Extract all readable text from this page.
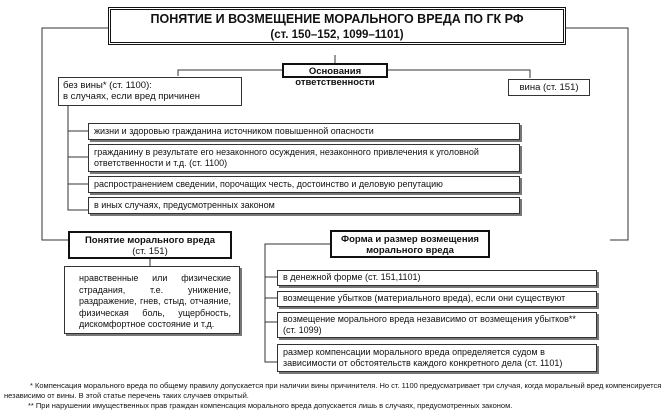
ПОНЯТИЕ И ВОЗМЕЩЕНИЕ МОРАЛЬНОГО ВРЕДА ПО ГК РФ
(ст. 150–152, 1099–1101)
Основания ответственности
без вины* (ст. 1100):
в случаях, если вред причинен
вина (ст. 151)
жизни и здоровью гражданина источником повышенной опасности
гражданину в результате его незаконного осуждения, незаконного привлечения к уголовной ответственности и т.д. (ст. 1100)
распространением сведении, порочащих честь, достоинство и деловую репутацию
в иных случаях, предусмотренных законом
Понятие морального вреда
(ст. 151)
нравственные или физические страдания, т.е. унижение, раздражение, гнев, стыд, отчаяние, физическая боль, ущербность, дискомфортное состояние и т.д.
Форма и размер возмещения
морального вреда
в денежной форме (ст. 151,1101)
возмещение убытков (материального вреда), если они существуют
возмещение морального вреда независимо от возмещения убытков** (ст. 1099)
размер компенсации морального вреда определяется судом в зависимости от обстоятельств каждого конкретного дела (ст. 1101)
* Компенсация морального вреда по общему правилу допускается при наличии вины причинителя. Но ст. 1100 предусматривает три случая, когда моральный вред компенсируется независимо от вины. В этой статье перечень таких случаев открытый.
** При нарушении имущественных прав граждан компенсация морального вреда допускается лишь в случаях, предусмотренных законом.
